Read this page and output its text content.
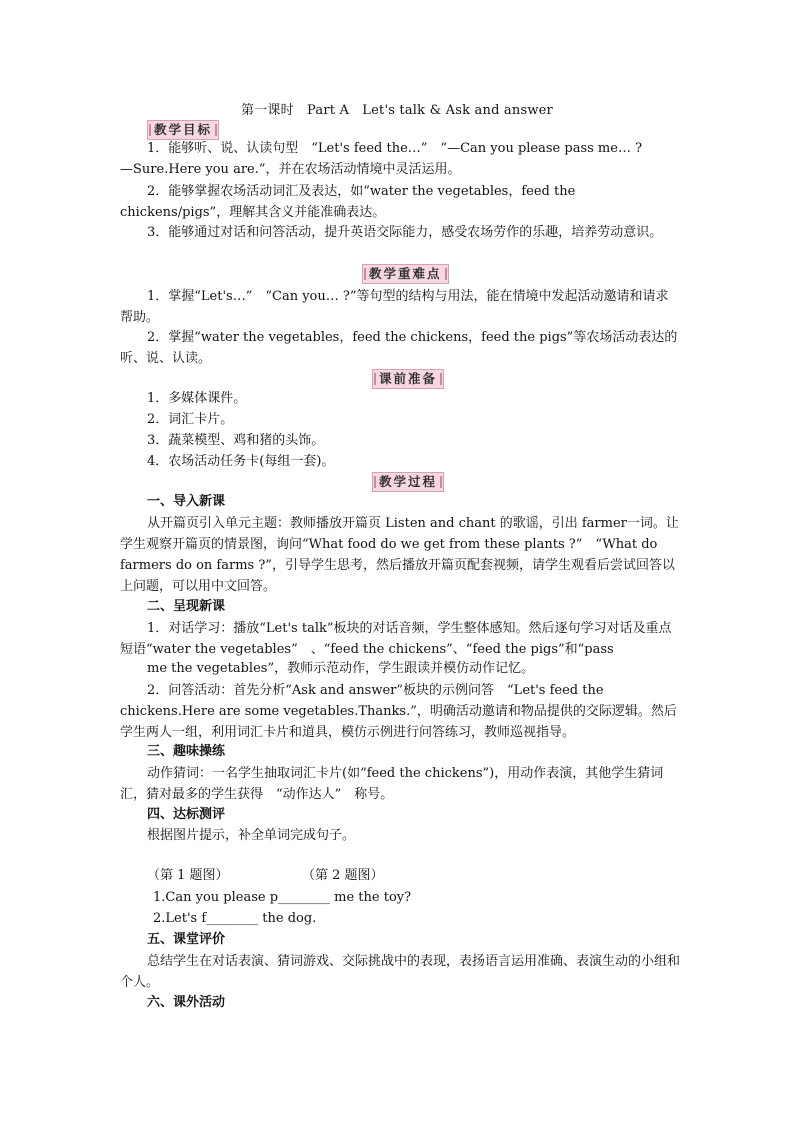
第一课时　Part A　Let's talk & Ask and answer
教学目标
1．能够听、说、认读句型　“Let's feed the…”　“—Can you please pass me… ?
—Sure.Here you are.”，并在农场活动情境中灵活运用。
2．能够掌握农场活动词汇及表达，如“water the vegetables，feed the chickens/pigs”，理解其含义并能准确表达。
3．能够通过对话和问答活动，提升英语交际能力，感受农场劳作的乐趣，培养劳动意识。
教学重难点
1．掌握“Let's…”　“Can you… ?”等句型的结构与用法，能在情境中发起活动邀请和请求帮助。
2．掌握“water the vegetables，feed the chickens，feed the pigs”等农场活动表达的听、说、认读。
课前准备
1．多媒体课件。
2．词汇卡片。
3．蔬菜模型、鸡和猪的头饰。
4．农场活动任务卡(每组一套)。
教学过程
一、导入新课
从开篇页引入单元主题：教师播放开篇页 Listen and chant 的歌谣，引出 farmer一词。让学生观察开篇页的情景图，询问“What food do we get from these plants ?”　“What do farmers do on farms ?”，引导学生思考，然后播放开篇页配套视频，请学生观看后尝试回答以上问题，可以用中文回答。
二、呈现新课
1．对话学习：播放“Let's talk”板块的对话音频，学生整体感知。然后逐句学习对话及重点短语“water the vegetables”　、“feed the chickens”、“feed the pigs”和“pass
me the vegetables”，教师示范动作，学生跟读并模仿动作记忆。
2．问答活动：首先分析“Ask and answer”板块的示例问答　“Let's feed the chickens.Here are some vegetables.Thanks.”，明确活动邀请和物品提供的交际逻辑。然后学生两人一组，利用词汇卡片和道具，模仿示例进行问答练习，教师巡视指导。
三、趣味操练
动作猜词：一名学生抽取词汇卡片(如“feed the chickens”)，用动作表演，其他学生猜词汇，猜对最多的学生获得　“动作达人”　称号。
四、达标测评
根据图片提示，补全单词完成句子。
（第 1 题图）	（第 2 题图）
1.Can you please p________ me the toy?
2.Let's f________ the dog.
五、课堂评价
总结学生在对话表演、猜词游戏、交际挑战中的表现，表扬语言运用准确、表演生动的小组和个人。
六、课外活动
